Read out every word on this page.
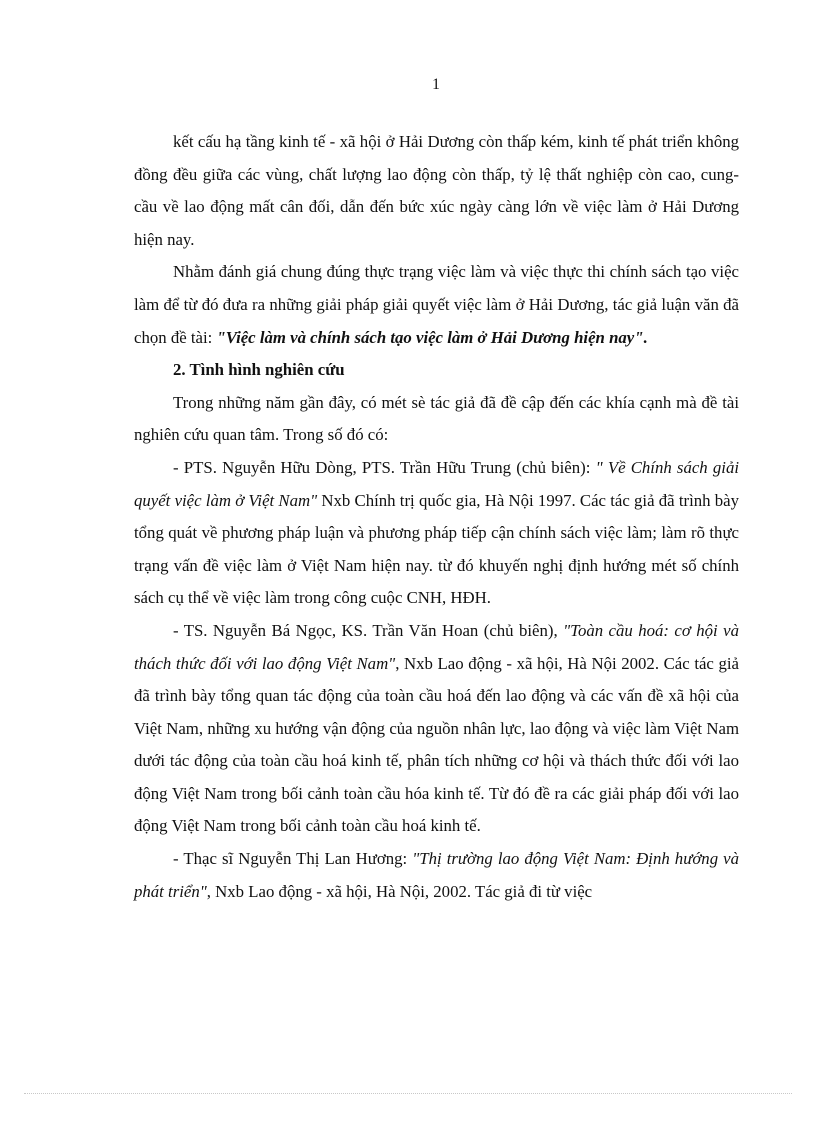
1

kết cấu hạ tầng kinh tế - xã hội ở Hải Dương còn thấp kém, kinh tế phát triển không đồng đều giữa các vùng, chất lượng lao động còn thấp, tỷ lệ thất nghiệp còn cao, cung- cầu về lao động mất cân đối, dẫn đến bức xúc ngày càng lớn về việc làm ở Hải Dương hiện nay.

Nhằm đánh giá chung đúng thực trạng việc làm và việc thực thi chính sách tạo việc làm để từ đó đưa ra những giải pháp giải quyết việc làm ở Hải Dương, tác giả luận văn đã chọn đề tài: "Việc làm và chính sách tạo việc làm ở Hải Dương hiện nay".

2. Tình hình nghiên cứu

Trong những năm gần đây, có mét sè tác giả đã đề cập đến các khía cạnh mà đề tài nghiên cứu quan tâm. Trong số đó có:

- PTS. Nguyễn Hữu Dòng, PTS. Trần Hữu Trung (chủ biên): " Về Chính sách giải quyết việc làm ở Việt Nam" Nxb Chính trị quốc gia, Hà Nội 1997. Các tác giả đã trình bày tổng quát về phương pháp luận và phương pháp tiếp cận chính sách việc làm; làm rõ thực trạng vấn đề việc làm ở Việt Nam hiện nay. từ đó khuyến nghị định hướng mét số chính sách cụ thể về việc làm trong công cuộc CNH, HĐH.

- TS. Nguyễn Bá Ngọc, KS. Trần Văn Hoan (chủ biên), "Toàn cầu hoá: cơ hội và thách thức đối với lao động Việt Nam", Nxb Lao động - xã hội, Hà Nội 2002. Các tác giả đã trình bày tổng quan tác động của toàn cầu hoá đến lao động và các vấn đề xã hội của Việt Nam, những xu hướng vận động của nguồn nhân lực, lao động và việc làm Việt Nam dưới tác động của toàn cầu hoá kinh tế, phân tích những cơ hội và thách thức đối với lao động Việt Nam trong bối cảnh toàn cầu hóa kinh tế. Từ đó đề ra các giải pháp đối với lao động Việt Nam trong bối cảnh toàn cầu hoá kinh tế.

- Thạc sĩ Nguyễn Thị Lan Hương: "Thị trường lao động Việt Nam: Định hướng và phát triển", Nxb Lao động - xã hội, Hà Nội, 2002. Tác giả đi từ việc
